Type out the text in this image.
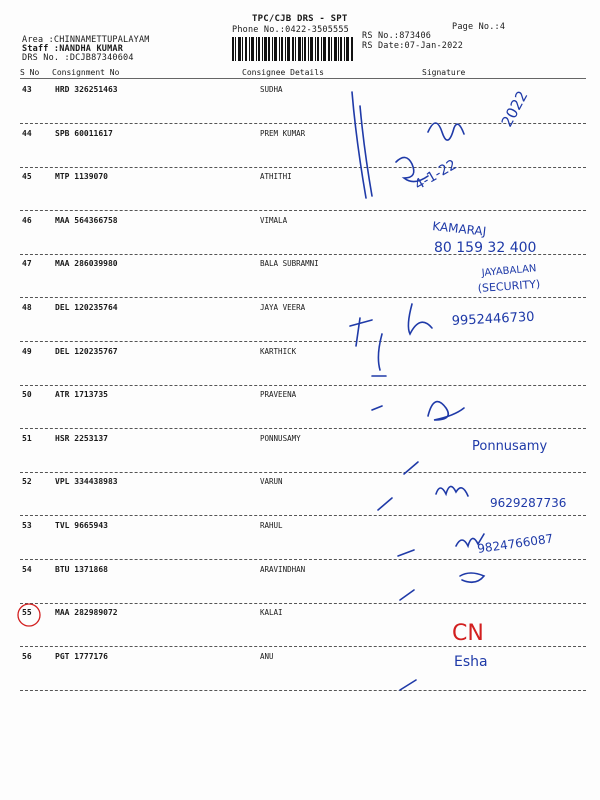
TPC/CJB DRS - SPT
Phone No.:0422-3505555	Page No.:4
Area :CHINNAMETTUPALAYAM
Staff :NANDHA KUMAR
DRS No. :DCJB87340604
RS No.:873406
RS Date:07-Jan-2022
S No Consignment No	Consignee Details	Signature
43	HRD 326251463	SUDHA
44	SPB 60011617	PREM KUMAR
45	MTP 1139070	ATHITHI
46	MAA 564366758	VIMALA
47	MAA 286039980	BALA SUBRAMNI
48	DEL 120235764	JAYA VEERA
49	DEL 120235767	KARTHICK
50	ATR 1713735	PRAVEENA
51	HSR 2253137	PONNUSAMY
52	VPL 334438983	VARUN
53	TVL 9665943	RAHUL
54	BTU 1371868	ARAVINDHAN
55	MAA 282989072	KALAI
56	PGT 1777176	ANU
2022
4-1-22
KAMARAJ
80 159 32 400
JAYABALAN
(SECURITY)
9952446730
Ponnusamy
9629287736
9824766087
Esha
CN
